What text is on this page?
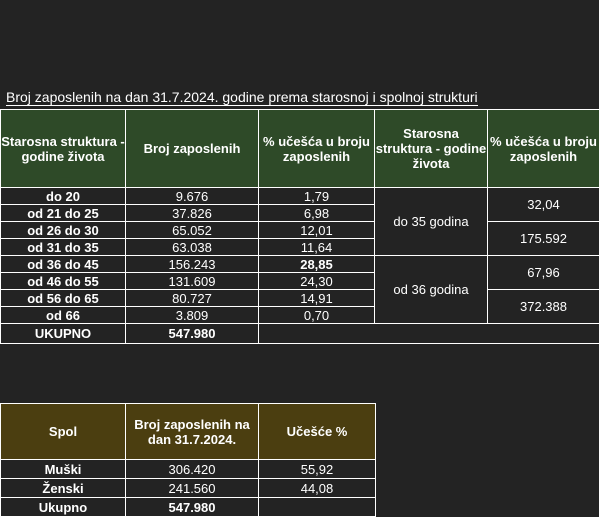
Broj zaposlenih na dan 31.7.2024. godine prema starosnoj i spolnoj strukturi
Starosna struktura - godine života	Broj zaposlenih	% učešća u broju zaposlenih	Starosna struktura - godine života	% učešća u broju zaposlenih
do 20	9.676	1,79	do 35 godina	32,04
od 21 do 25	37.826	6,98		
od 26 do 30	65.052	12,01		175.592
od 31 do 35	63.038	11,64		
od 36 do 45	156.243	28,85	od 36 godina	67,96
od 46 do 55	131.609	24,30		
od 56 do 65	80.727	14,91		372.388
od 66	3.809	0,70		
UKUPNO	547.980			
Spol	Broj zaposlenih na dan 31.7.2024.	Učešće %
Muški	306.420	55,92
Ženski	241.560	44,08
Ukupno	547.980	
